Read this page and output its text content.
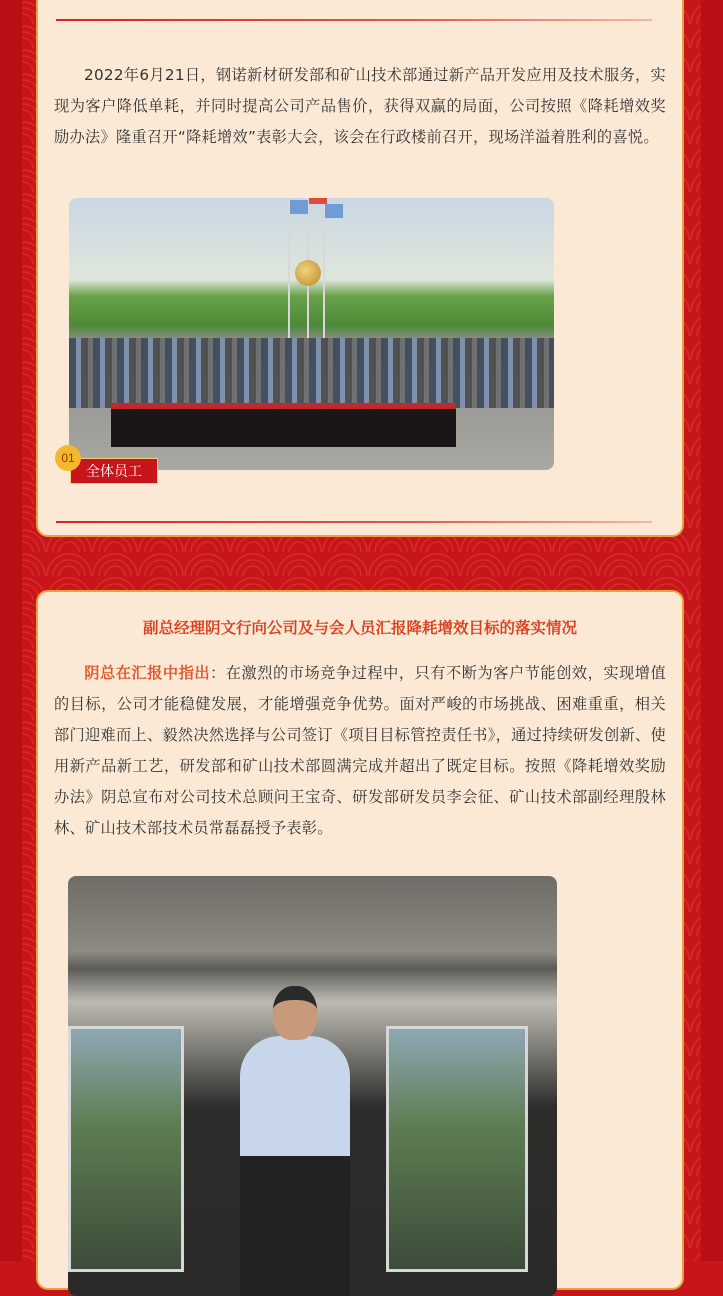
2022年6月21日，钢诺新材研发部和矿山技术部通过新产品开发应用及技术服务，实现为客户降低单耗，并同时提高公司产品售价，获得双赢的局面，公司按照《降耗增效奖励办法》隆重召开“降耗增效”表彰大会，该会在行政楼前召开，现场洋溢着胜利的喜悦。

全体员工
01
副总经理阴文行向公司及与会人员汇报降耗增效目标的落实情况

阴总在汇报中指出：在激烈的市场竞争过程中，只有不断为客户节能创效，实现增值的目标，公司才能稳健发展，才能增强竞争优势。面对严峻的市场挑战、困难重重，相关部门迎难而上、毅然决然选择与公司签订《项目目标管控责任书》，通过持续研发创新、使用新产品新工艺，研发部和矿山技术部圆满完成并超出了既定目标。按照《降耗增效奖励办法》阴总宣布对公司技术总顾问王宝奇、研发部研发员李会征、矿山技术部副经理殷林林、矿山技术部技术员常磊磊授予表彰。
